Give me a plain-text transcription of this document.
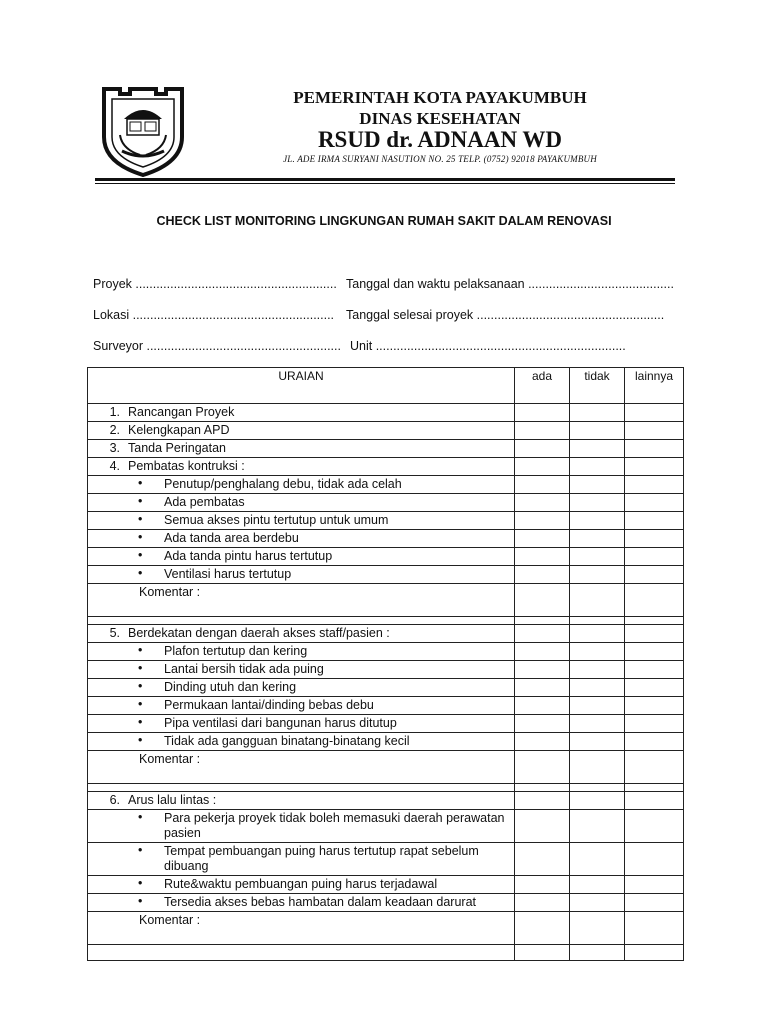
PEMERINTAH KOTA PAYAKUMBUH
DINAS KESEHATAN
RSUD dr. ADNAAN WD
JL. ADE IRMA SURYANI NASUTION NO. 25 TELP. (0752) 92018 PAYAKUMBUH
CHECK LIST MONITORING LINGKUNGAN RUMAH SAKIT DALAM RENOVASI
Proyek .......................................................... Tanggal dan waktu pelaksanaan ..........................................
Lokasi .......................................................... Tanggal selesai proyek ......................................................
Surveyor ........................................................ Unit ........................................................................
URAIAN	ada	tidak	lainnya
1. Rancangan Proyek			
2. Kelengkapan APD			
3. Tanda Peringatan			
4. Pembatas kontruksi :			
• Penutup/penghalang debu, tidak ada celah			
• Ada pembatas			
• Semua akses pintu tertutup untuk umum			
• Ada tanda area berdebu			
• Ada tanda pintu harus tertutup			
• Ventilasi harus tertutup			
Komentar :			

5. Berdekatan dengan daerah akses staff/pasien :			
• Plafon tertutup dan kering			
• Lantai bersih tidak ada puing			
• Dinding utuh dan kering			
• Permukaan lantai/dinding bebas debu			
• Pipa ventilasi dari bangunan harus ditutup			
• Tidak ada gangguan binatang-binatang kecil			
Komentar :			

6. Arus lalu lintas :			
• Para pekerja proyek tidak boleh memasuki daerah perawatan pasien			
• Tempat pembuangan puing harus tertutup rapat sebelum dibuang			
• Rute&waktu pembuangan puing harus terjadawal			
• Tersedia akses bebas hambatan dalam keadaan darurat			
Komentar :			
